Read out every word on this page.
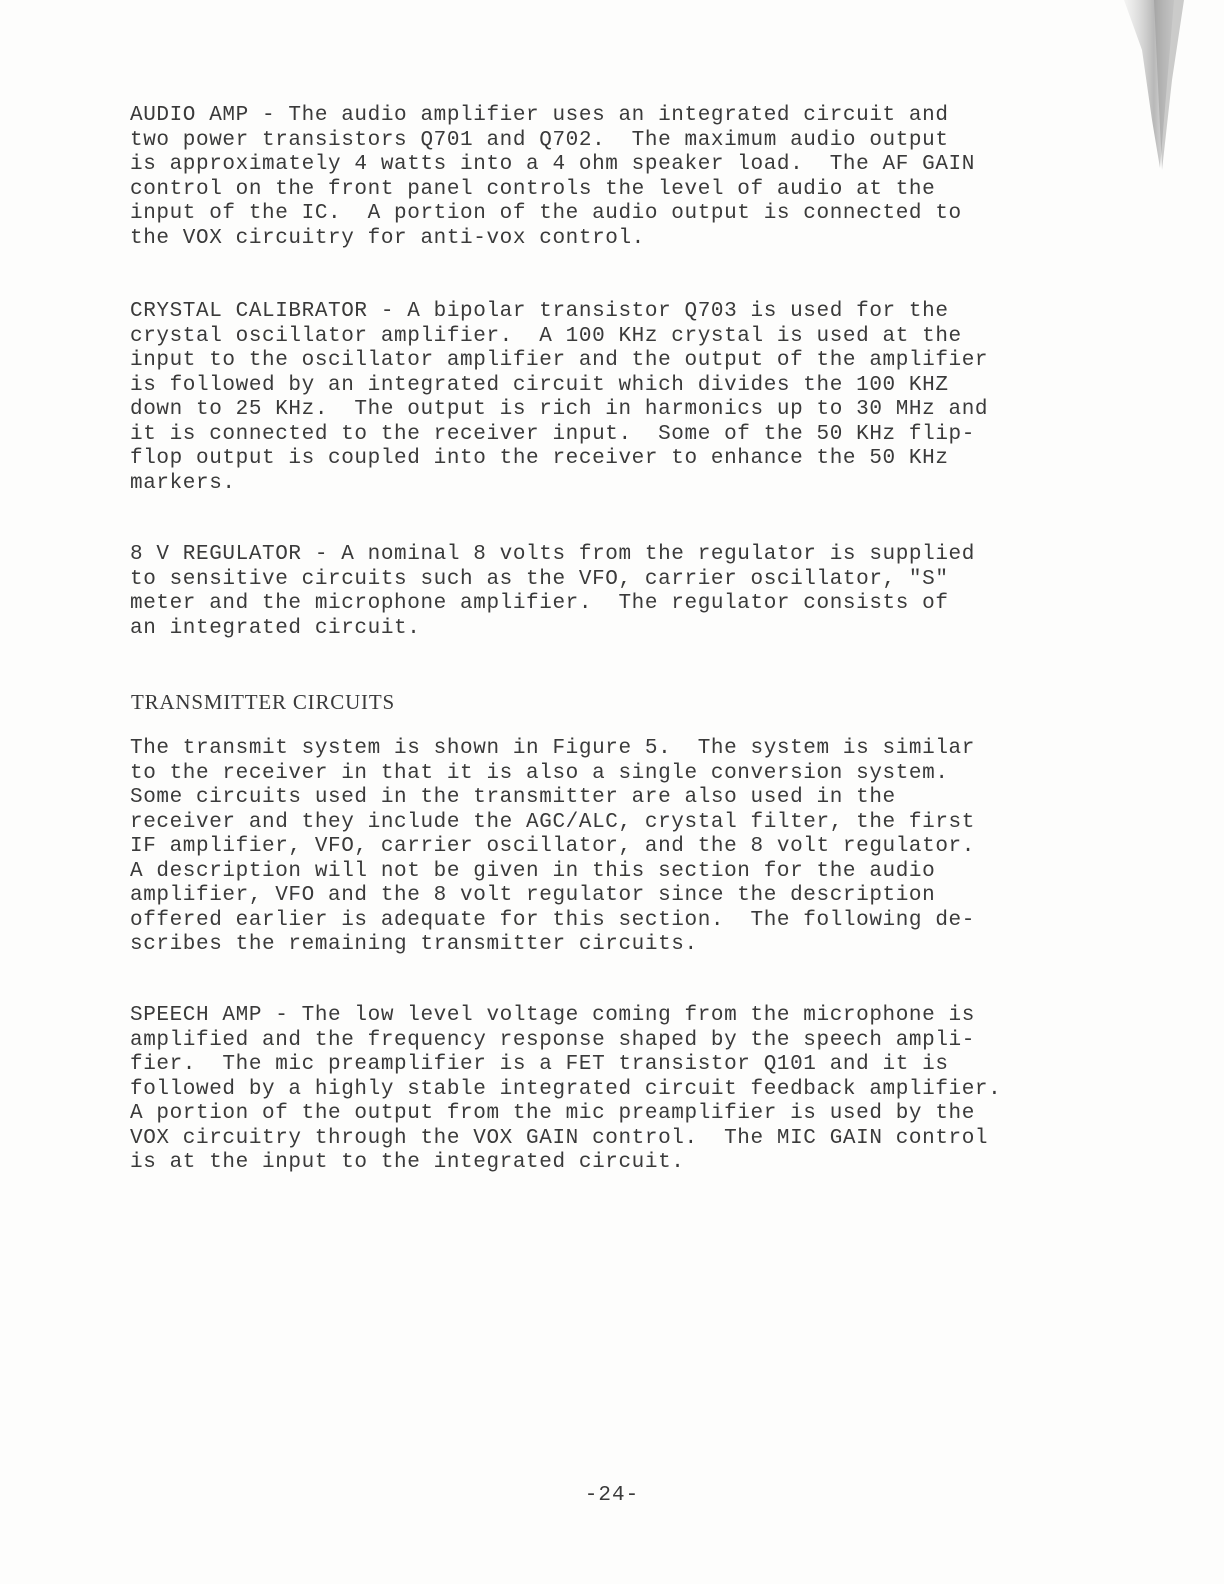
AUDIO AMP - The audio amplifier uses an integrated circuit and
two power transistors Q701 and Q702.  The maximum audio output
is approximately 4 watts into a 4 ohm speaker load.  The AF GAIN
control on the front panel controls the level of audio at the
input of the IC.  A portion of the audio output is connected to
the VOX circuitry for anti-vox control.
CRYSTAL CALIBRATOR - A bipolar transistor Q703 is used for the
crystal oscillator amplifier.  A 100 KHz crystal is used at the
input to the oscillator amplifier and the output of the amplifier
is followed by an integrated circuit which divides the 100 KHZ
down to 25 KHz.  The output is rich in harmonics up to 30 MHz and
it is connected to the receiver input.  Some of the 50 KHz flip-
flop output is coupled into the receiver to enhance the 50 KHz
markers.
8 V REGULATOR - A nominal 8 volts from the regulator is supplied
to sensitive circuits such as the VFO, carrier oscillator, "S"
meter and the microphone amplifier.  The regulator consists of
an integrated circuit.
TRANSMITTER CIRCUITS
The transmit system is shown in Figure 5.  The system is similar
to the receiver in that it is also a single conversion system.
Some circuits used in the transmitter are also used in the
receiver and they include the AGC/ALC, crystal filter, the first
IF amplifier, VFO, carrier oscillator, and the 8 volt regulator.
A description will not be given in this section for the audio
amplifier, VFO and the 8 volt regulator since the description
offered earlier is adequate for this section.  The following de-
scribes the remaining transmitter circuits.
SPEECH AMP - The low level voltage coming from the microphone is
amplified and the frequency response shaped by the speech ampli-
fier.  The mic preamplifier is a FET transistor Q101 and it is
followed by a highly stable integrated circuit feedback amplifier.
A portion of the output from the mic preamplifier is used by the
VOX circuitry through the VOX GAIN control.  The MIC GAIN control
is at the input to the integrated circuit.
-24-
